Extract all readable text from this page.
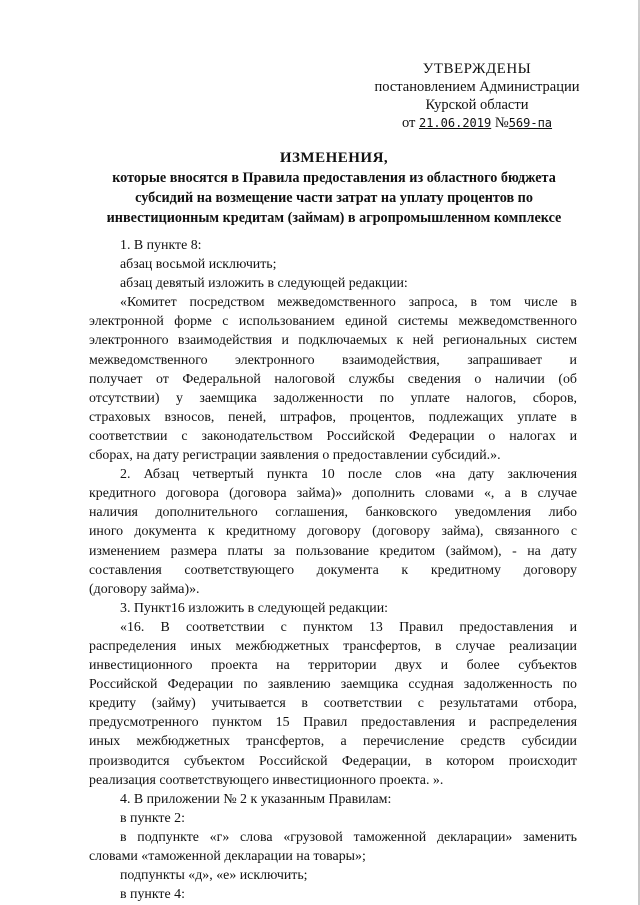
УТВЕРЖДЕНЫ
постановлением Администрации
Курской области
от 21.06.2019 №569-па
ИЗМЕНЕНИЯ,
которые вносятся в Правила предоставления из областного бюджета
субсидий на возмещение части затрат на уплату процентов по
инвестиционным кредитам (займам) в агропромышленном комплексе
1. В пункте 8:
абзац восьмой исключить;
абзац девятый изложить в следующей редакции:
«Комитет посредством межведомственного запроса, в том числе в
электронной форме с использованием единой системы межведомственного
электронного взаимодействия и подключаемых к ней региональных систем
межведомственного электронного взаимодействия, запрашивает и
получает от Федеральной налоговой службы сведения о наличии (об
отсутствии) у заемщика задолженности по уплате налогов, сборов,
страховых взносов, пеней, штрафов, процентов, подлежащих уплате в
соответствии с законодательством Российской Федерации о налогах и
сборах, на дату регистрации заявления о предоставлении субсидий.».
2. Абзац четвертый пункта 10 после слов «на дату заключения
кредитного договора (договора займа)» дополнить словами «, а в случае
наличия дополнительного соглашения, банковского уведомления либо
иного документа к кредитному договору (договору займа), связанного с
изменением размера платы за пользование кредитом (займом), - на дату
составления соответствующего документа к кредитному договору
(договору займа)».
3. Пункт16 изложить в следующей редакции:
«16. В соответствии с пунктом 13 Правил предоставления и
распределения иных межбюджетных трансфертов, в случае реализации
инвестиционного проекта на территории двух и более субъектов
Российской Федерации по заявлению заемщика ссудная задолженность по
кредиту (займу) учитывается в соответствии с результатами отбора,
предусмотренного пунктом 15 Правил предоставления и распределения
иных межбюджетных трансфертов, а перечисление средств субсидии
производится субъектом Российской Федерации, в котором происходит
реализация соответствующего инвестиционного проекта. ».
4. В приложении № 2 к указанным Правилам:
в пункте 2:
в подпункте «г» слова «грузовой таможенной декларации» заменить
словами «таможенной декларации на товары»;
подпункты «д», «е» исключить;
в пункте 4:
